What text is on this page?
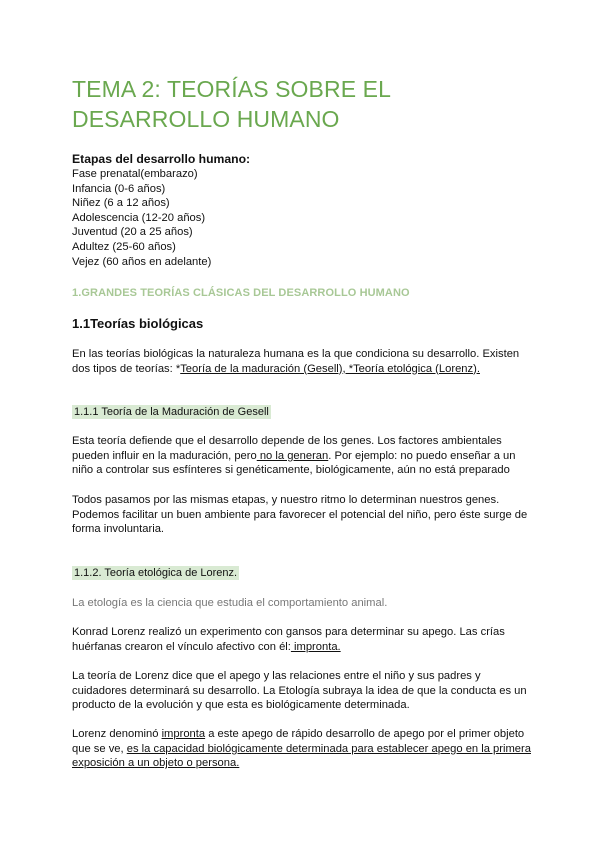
TEMA 2: TEORÍAS SOBRE EL DESARROLLO HUMANO
Etapas del desarrollo humano:
Fase prenatal(embarazo)
Infancia (0-6 años)
Niñez (6 a 12 años)
Adolescencia (12-20 años)
Juventud (20 a 25 años)
Adultez (25-60 años)
Vejez (60 años en adelante)
1.GRANDES TEORÍAS CLÁSICAS DEL DESARROLLO HUMANO
1.1Teorías biológicas
En las teorías biológicas la naturaleza humana es la que condiciona su desarrollo. Existen dos tipos de teorías: *Teoría de la maduración (Gesell), *Teoría etológica (Lorenz).
1.1.1 Teoría de la Maduración de Gesell
Esta teoría defiende que el desarrollo depende de los genes. Los factores ambientales pueden influir en la maduración, pero no la generan. Por ejemplo: no puedo enseñar a un niño a controlar sus esfínteres si genéticamente, biológicamente, aún no está preparado
Todos pasamos por las mismas etapas, y nuestro ritmo lo determinan nuestros genes. Podemos facilitar un buen ambiente para favorecer el potencial del niño, pero éste surge de forma involuntaria.
1.1.2. Teoría etológica de Lorenz.
La etología es la ciencia que estudia el comportamiento animal.
Konrad Lorenz realizó un experimento con gansos para determinar su apego. Las crías huérfanas crearon el vínculo afectivo con él: impronta.
La teoría de Lorenz dice que el apego y las relaciones entre el niño y sus padres y cuidadores determinará su desarrollo. La Etología subraya la idea de que la conducta es un producto de la evolución y que esta es biológicamente determinada.
Lorenz denominó impronta a este apego de rápido desarrollo de apego por el primer objeto que se ve, es la capacidad biológicamente determinada para establecer apego en la primera exposición a un objeto o persona.
